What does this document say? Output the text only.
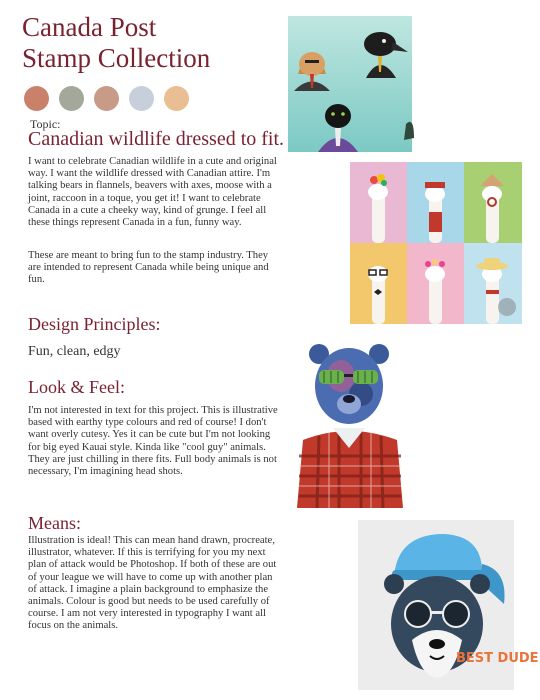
Canada Post
Stamp Collection

Topic:
Canadian wildlife dressed to fit.

I want to celebrate Canadian wildlife in a cute and original way. I want the wildlife dressed with Canadian attire. I'm talking bears in flannels, beavers with axes, moose with a joint, raccoon in a toque, you get it! I want to celebrate Canada in a cute a cheeky way, kind of grunge. I feel all these things represent Canada in a fun, funny way.

These are meant to bring fun to the stamp industry. They are intended to represent Canada while being unique and fun.

Design Principles:
Fun, clean, edgy
Look & Feel:

I'm not interested in text for this project. This is illustrative based with earthy type colours and red of course! I don't want overly cutesy. Yes it can be cute but I'm not looking for big eyed Kauai style. Kinda like "cool guy" animals. They are just chilling in there fits. Full body animals is not necessary, I'm imagining head shots.

Means:

Illustration is ideal! This can mean hand drawn, procreate, illustrator, whatever. If this is terrifying for you my next plan of attack would be Photoshop. If both of these are out of your league we will have to come up with another plan of attack. I imagine a plain background to emphasize the animals. Colour is good but needs to be used carefully of course. I am not very interested in typography I want all focus on the animals.

BEST DUDE
